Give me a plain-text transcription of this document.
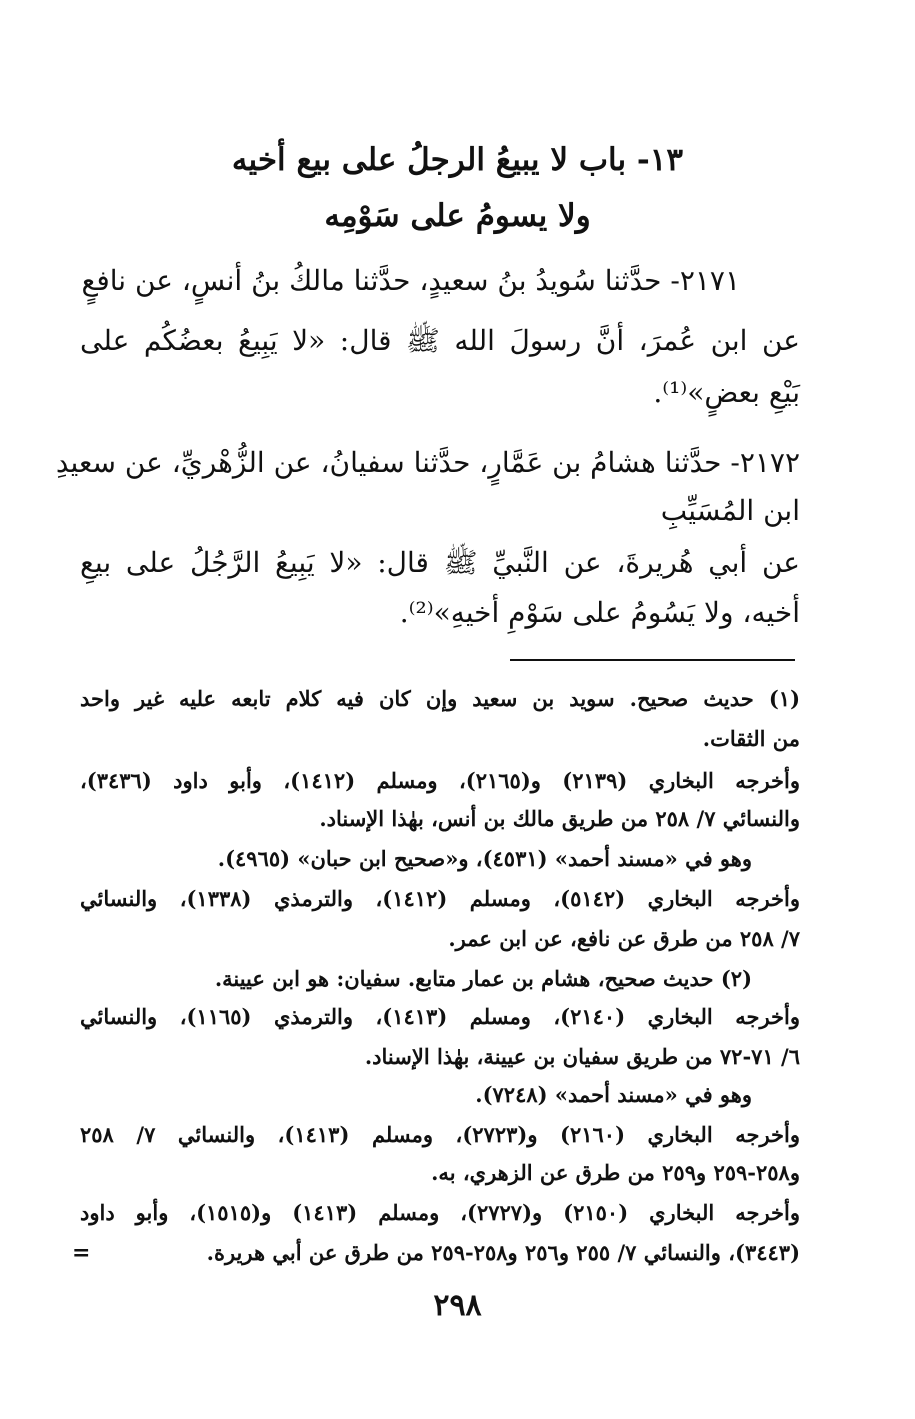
١٣- باب لا يبيعُ الرجلُ على بيع أخيه
ولا يسومُ على سَوْمِه
٢١٧١- حدَّثنا سُويدُ بنُ سعيدٍ، حدَّثنا مالكُ بنُ أنسٍ، عن نافعٍ
عن ابن عُمرَ، أنَّ رسولَ الله ﷺ قال: «لا يَبِيعُ بعضُكُم على
بَيْعِ بعضٍ»⁽¹⁾.
٢١٧٢- حدَّثنا هشامُ بن عَمَّارٍ، حدَّثنا سفيانُ، عن الزُّهْريِّ، عن سعيدِ
ابن المُسَيِّبِ
عن أبي هُريرةَ، عن النَّبيِّ ﷺ قال: «لا يَبِيعُ الرَّجُلُ على بيعِ
أخيه، ولا يَسُومُ على سَوْمِ أخيهِ»⁽²⁾.
(١) حديث صحيح. سويد بن سعيد وإن كان فيه كلام تابعه عليه غير واحد
من الثقات.
وأخرجه البخاري (٢١٣٩) و(٢١٦٥)، ومسلم (١٤١٢)، وأبو داود (٣٤٣٦)،
والنسائي ٧/ ٢٥٨ من طريق مالك بن أنس، بهٰذا الإسناد.
وهو في «مسند أحمد» (٤٥٣١)، و«صحيح ابن حبان» (٤٩٦٥).
وأخرجه البخاري (٥١٤٢)، ومسلم (١٤١٢)، والترمذي (١٣٣٨)، والنسائي
٧/ ٢٥٨ من طرق عن نافع، عن ابن عمر.
(٢) حديث صحيح، هشام بن عمار متابع. سفيان: هو ابن عيينة.
وأخرجه البخاري (٢١٤٠)، ومسلم (١٤١٣)، والترمذي (١١٦٥)، والنسائي
٦/ ٧١-٧٢ من طريق سفيان بن عيينة، بهٰذا الإسناد.
وهو في «مسند أحمد» (٧٢٤٨).
وأخرجه البخاري (٢١٦٠) و(٢٧٢٣)، ومسلم (١٤١٣)، والنسائي ٧/ ٢٥٨
و٢٥٨-٢٥٩ و٢٥٩ من طرق عن الزهري، به.
وأخرجه البخاري (٢١٥٠) و(٢٧٢٧)، ومسلم (١٤١٣) و(١٥١٥)، وأبو داود
(٣٤٤٣)، والنسائي ٧/ ٢٥٥ و٢٥٦ و٢٥٨-٢٥٩ من طرق عن أبي هريرة.
=
٢٩٨
